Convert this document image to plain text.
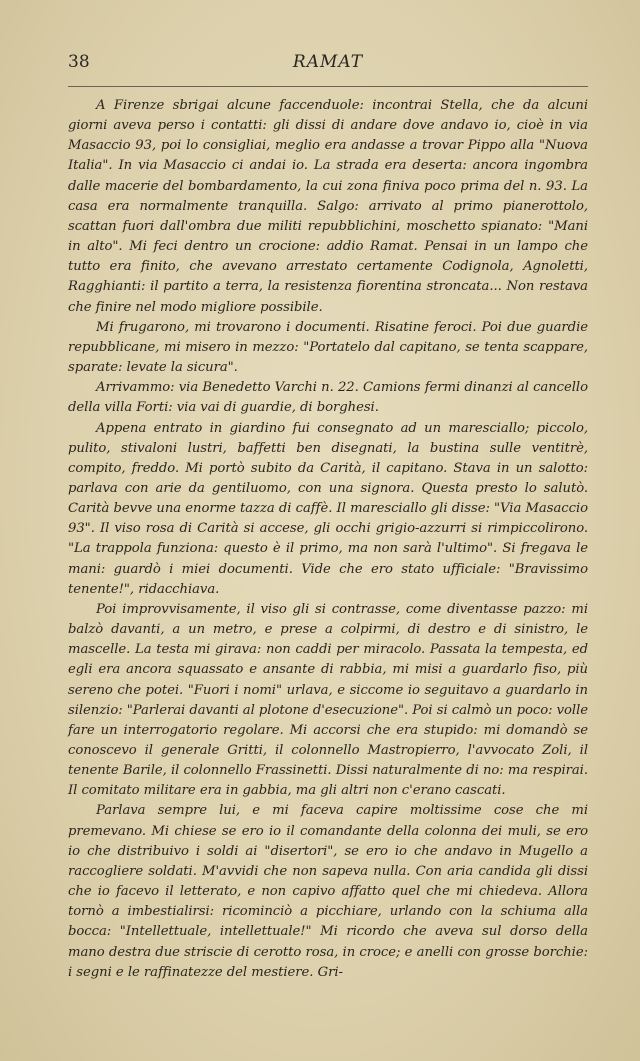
38	RAMAT

A Firenze sbrigai alcune faccenduole: incontrai Stella, che da alcuni giorni aveva perso i contatti: gli dissi di andare dove andavo io, cioè in via Masaccio 93, poi lo consigliai, meglio era andasse a trovar Pippo alla "Nuova Italia". In via Masaccio ci andai io. La strada era deserta: ancora ingombra dalle macerie del bombardamento, la cui zona finiva poco prima del n. 93. La casa era normalmente tranquilla. Salgo: arrivato al primo pianerottolo, scattan fuori dall'ombra due militi repubblichini, moschetto spianato: "Mani in alto". Mi feci dentro un crocione: addio Ramat. Pensai in un lampo che tutto era finito, che avevano arrestato certamente Codignola, Agnoletti, Ragghianti: il partito a terra, la resistenza fiorentina stroncata... Non restava che finire nel modo migliore possibile.

Mi frugarono, mi trovarono i documenti. Risatine feroci. Poi due guardie repubblicane, mi misero in mezzo: "Portatelo dal capitano, se tenta scappare, sparate: levate la sicura".

Arrivammo: via Benedetto Varchi n. 22. Camions fermi dinanzi al cancello della villa Forti: via vai di guardie, di borghesi.

Appena entrato in giardino fui consegnato ad un maresciallo; piccolo, pulito, stivaloni lustri, baffetti ben disegnati, la bustina sulle ventitrè, compito, freddo. Mi portò subito da Carità, il capitano. Stava in un salotto: parlava con arie da gentiluomo, con una signora. Questa presto lo salutò. Carità bevve una enorme tazza di caffè. Il maresciallo gli disse: "Via Masaccio 93". Il viso rosa di Carità si accese, gli occhi grigio-azzurri si rimpiccolirono. "La trappola funziona: questo è il primo, ma non sarà l'ultimo". Si fregava le mani: guardò i miei documenti. Vide che ero stato ufficiale: "Bravissimo tenente!", ridacchiava.

Poi improvvisamente, il viso gli si contrasse, come diventasse pazzo: mi balzò davanti, a un metro, e prese a colpirmi, di destro e di sinistro, le mascelle. La testa mi girava: non caddi per miracolo. Passata la tempesta, ed egli era ancora squassato e ansante di rabbia, mi misi a guardarlo fiso, più sereno che potei. "Fuori i nomi" urlava, e siccome io seguitavo a guardarlo in silenzio: "Parlerai davanti al plotone d'esecuzione". Poi si calmò un poco: volle fare un interrogatorio regolare. Mi accorsi che era stupido: mi domandò se conoscevo il generale Gritti, il colonnello Mastropierro, l'avvocato Zoli, il tenente Barile, il colonnello Frassinetti. Dissi naturalmente di no: ma respirai. Il comitato militare era in gabbia, ma gli altri non c'erano cascati.

Parlava sempre lui, e mi faceva capire moltissime cose che mi premevano. Mi chiese se ero io il comandante della colonna dei muli, se ero io che distribuivo i soldi ai "disertori", se ero io che andavo in Mugello a raccogliere soldati. M'avvidi che non sapeva nulla. Con aria candida gli dissi che io facevo il letterato, e non capivo affatto quel che mi chiedeva. Allora tornò a imbestialirsi: ricominciò a picchiare, urlando con la schiuma alla bocca: "Intellettuale, intellettuale!" Mi ricordo che aveva sul dorso della mano destra due striscie di cerotto rosa, in croce; e anelli con grosse borchie: i segni e le raffinatezze del mestiere. Gri-
